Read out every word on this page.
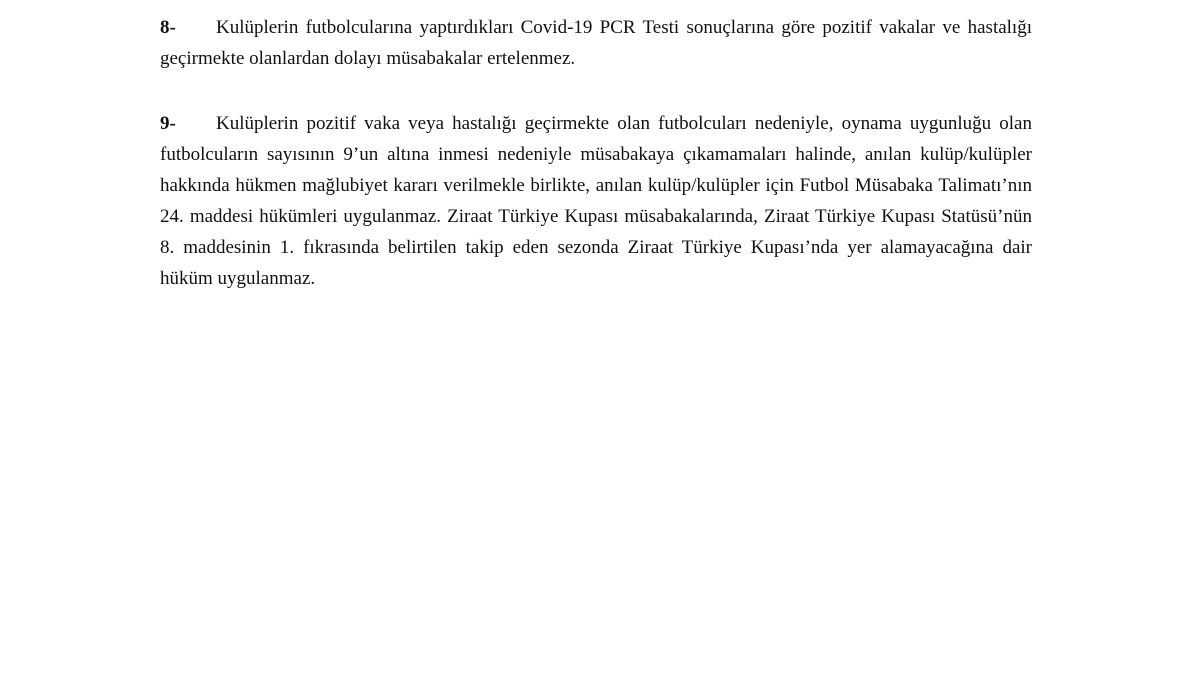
8- Kulüplerin futbolcularına yaptırdıkları Covid-19 PCR Testi sonuçlarına göre pozitif vakalar ve hastalığı geçirmekte olanlardan dolayı müsabakalar ertelenmez.

9- Kulüplerin pozitif vaka veya hastalığı geçirmekte olan futbolcuları nedeniyle, oynama uygunluğu olan futbolcuların sayısının 9’un altına inmesi nedeniyle müsabakaya çıkamamaları halinde, anılan kulüp/kulüpler hakkında hükmen mağlubiyet kararı verilmekle birlikte, anılan kulüp/kulüpler için Futbol Müsabaka Talimatı’nın 24. maddesi hükümleri uygulanmaz. Ziraat Türkiye Kupası müsabakalarında, Ziraat Türkiye Kupası Statüsü’nün 8. maddesinin 1. fıkrasında belirtilen takip eden sezonda Ziraat Türkiye Kupası’nda yer alamayacağına dair hüküm uygulanmaz.
